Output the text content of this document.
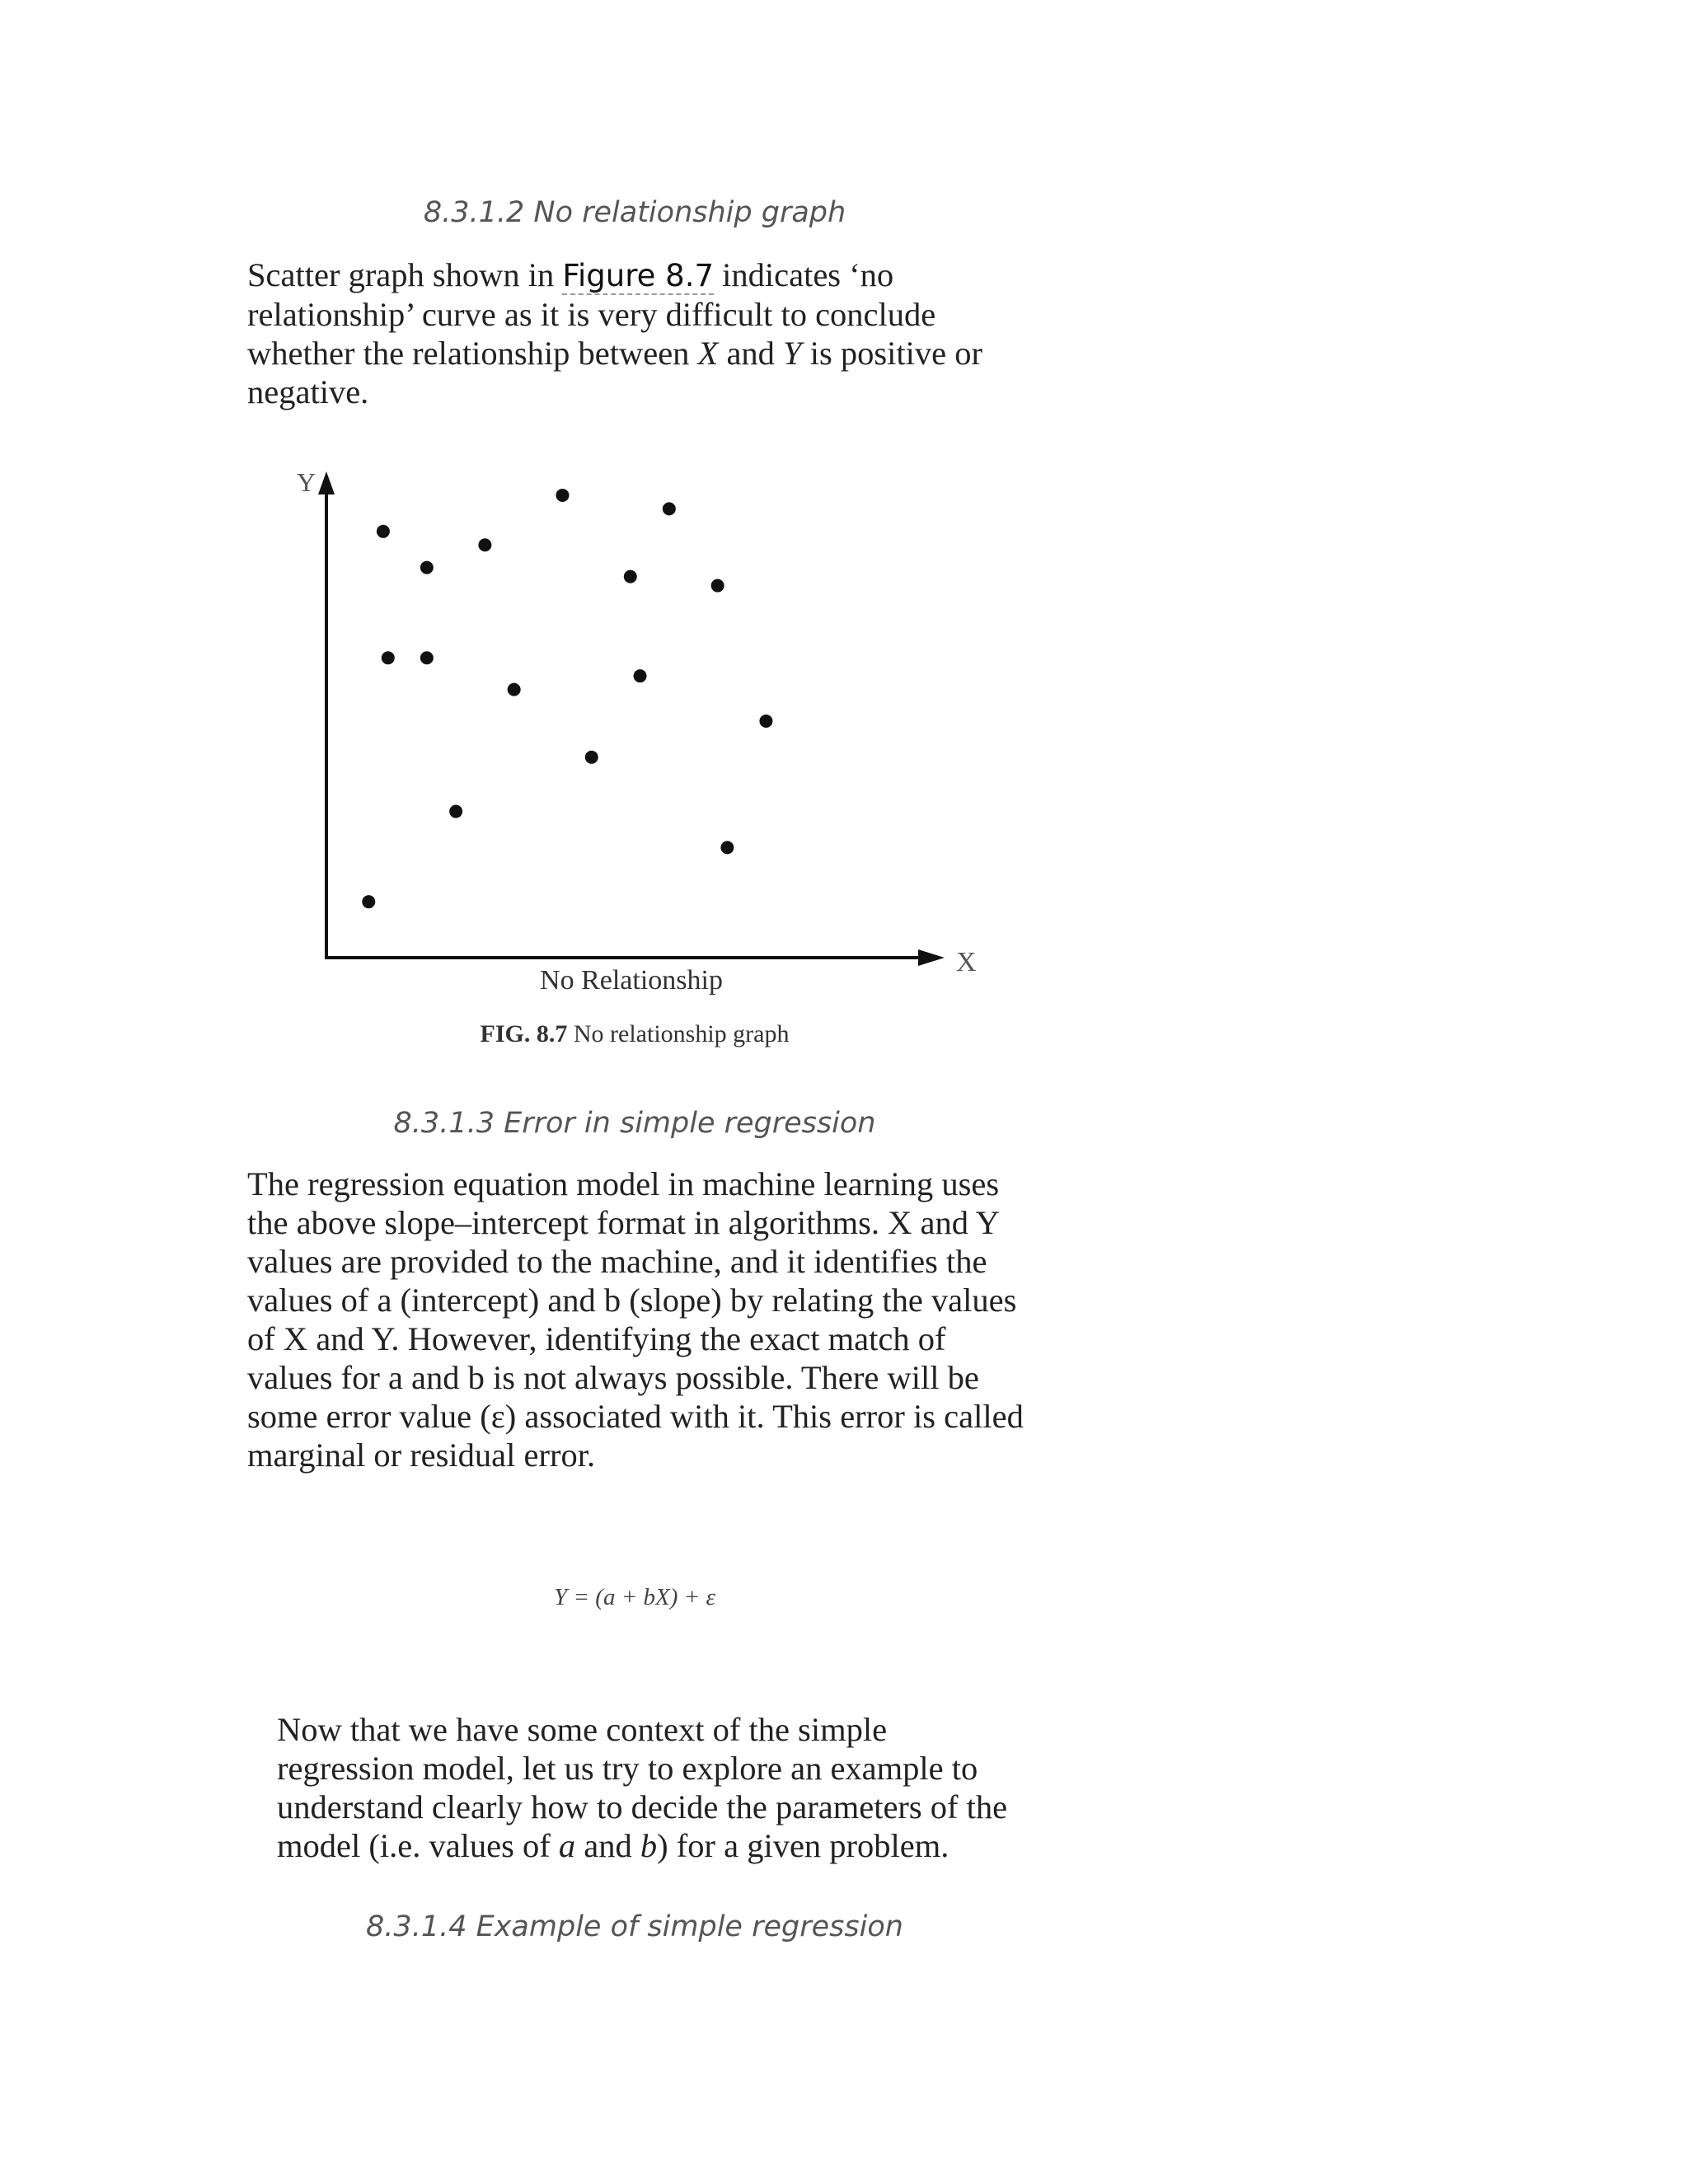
8.3.1.2 No relationship graph

Scatter graph shown in Figure 8.7 indicates ‘no relationship’ curve as it is very difficult to conclude whether the relationship between X and Y is positive or negative.

Y
X
No Relationship
FIG. 8.7 No relationship graph
8.3.1.3 Error in simple regression

The regression equation model in machine learning uses the above slope–intercept format in algorithms. X and Y values are provided to the machine, and it identifies the values of a (intercept) and b (slope) by relating the values of X and Y. However, identifying the exact match of values for a and b is not always possible. There will be some error value (ε) associated with it. This error is called marginal or residual error.

Y = (a + bX) + ε

Now that we have some context of the simple regression model, let us try to explore an example to understand clearly how to decide the parameters of the model (i.e. values of a and b) for a given problem.

8.3.1.4 Example of simple regression
